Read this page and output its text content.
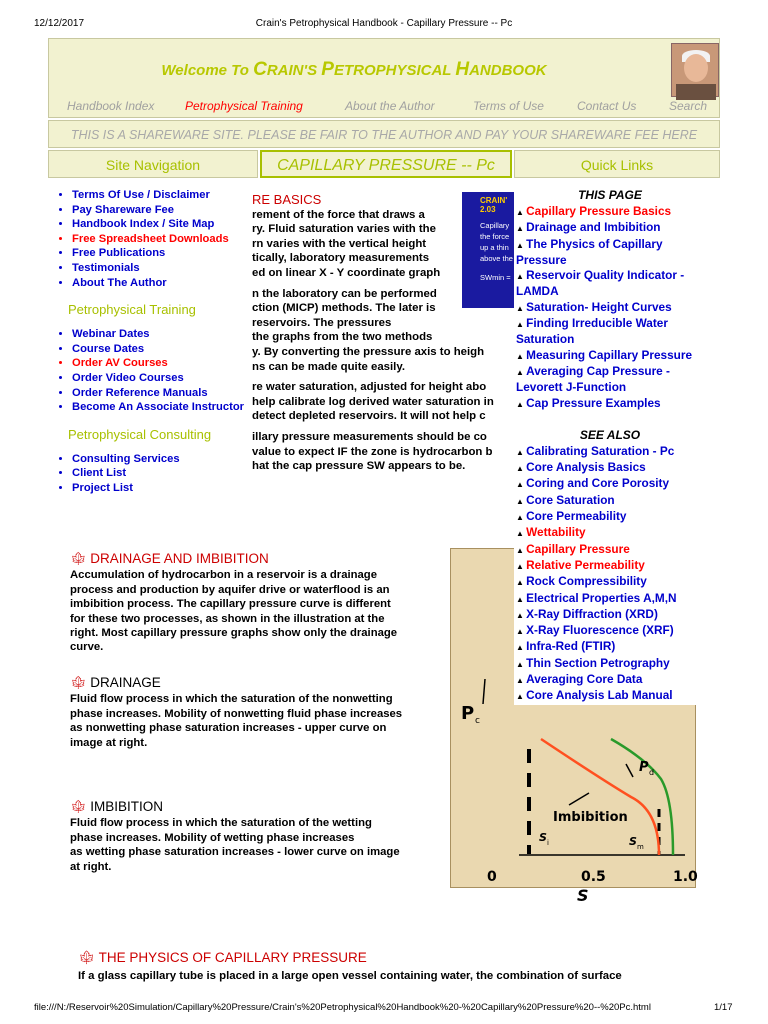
12/12/2017	Crain's Petrophysical Handbook - Capillary Pressure -- Pc
Welcome To CRAIN'S PETROPHYSICAL HANDBOOK
Handbook Index	Petrophysical Training	About the Author	Terms of Use	Contact Us	Search
THIS IS A SHAREWARE SITE. PLEASE BE FAIR TO THE AUTHOR AND PAY YOUR SHAREWARE FEE HERE
Site Navigation	CAPILLARY PRESSURE -- Pc	Quick Links
RE BASICS
rement of the force that draws a
ry. Fluid saturation varies with the
rn varies with the vertical height
tically, laboratory measurements
ed on linear X - Y coordinate graph
n the laboratory can be performed
ction (MICP) methods. The later is
reservoirs. The pressures
the graphs from the two methods
y. By converting the pressure axis to heigh
ns can be made quite easily.
re water saturation, adjusted for height abo
help calibrate log derived water saturation in
detect depleted reservoirs. It will not help c
illary pressure measurements should be co
value to expect IF the zone is hydrocarbon b
hat the cap pressure SW appears to be.
CRAIN'
2.03
Capillary
the force
up a thin
above the
SWmin =
• Terms Of Use / Disclaimer
• Pay Shareware Fee
• Handbook Index / Site Map
• Free Spreadsheet Downloads
• Free Publications
• Testimonials
• About The Author
Petrophysical Training
• Webinar Dates
• Course Dates
• Order AV Courses
• Order Video Courses
• Order Reference Manuals
• Become An Associate Instructor
Petrophysical Consulting
• Consulting Services
• Client List
• Project List
P c
P d
Imbibition
S i	S m
0	0.5	1.0
S
THIS PAGE
▲ Capillary Pressure Basics
▲ Drainage and Imbibition
▲ The Physics of Capillary Pressure
▲ Reservoir Quality Indicator - LAMDA
▲ Saturation- Height Curves
▲ Finding Irreducible Water Saturation
▲ Measuring Capillary Pressure
▲ Averaging Cap Pressure - Levorett J-Function
▲ Cap Pressure Examples
SEE ALSO
▲ Calibrating Saturation - Pc
▲ Core Analysis Basics
▲ Coring and Core Porosity
▲ Core Saturation
▲ Core Permeability
▲ Wettability
▲ Capillary Pressure
▲ Relative Permeability
▲ Rock Compressibility
▲ Electrical Properties A,M,N
▲ X-Ray Diffraction (XRD)
▲ X-Ray Fluorescence (XRF)
▲ Infra-Red (FTIR)
▲ Thin Section Petrography
▲ Averaging Core Data
▲ Core Analysis Lab Manual
🍁︎ DRAINAGE AND IMBIBITION
Accumulation of hydrocarbon in a reservoir is a drainage
process and production by aquifer drive or waterflood is an
imbibition process. The capillary pressure curve is different
for these two processes, as shown in the illustration at the
right. Most capillary pressure graphs show only the drainage
curve.
🍁︎ DRAINAGE
Fluid flow process in which the saturation of the nonwetting
phase increases. Mobility of nonwetting fluid phase increases
as nonwetting phase saturation increases - upper curve on
image at right.
🍁︎ IMBIBITION
Fluid flow process in which the saturation of the wetting
phase increases. Mobility of wetting phase increases
as wetting phase saturation increases - lower curve on image
at right.
🍁︎ THE PHYSICS OF CAPILLARY PRESSURE
If a glass capillary tube is placed in a large open vessel containing water, the combination of surface
file:///N:/Reservoir%20Simulation/Capillary%20Pressure/Crain's%20Petrophysical%20Handbook%20-%20Capillary%20Pressure%20--%20Pc.html	1/17
